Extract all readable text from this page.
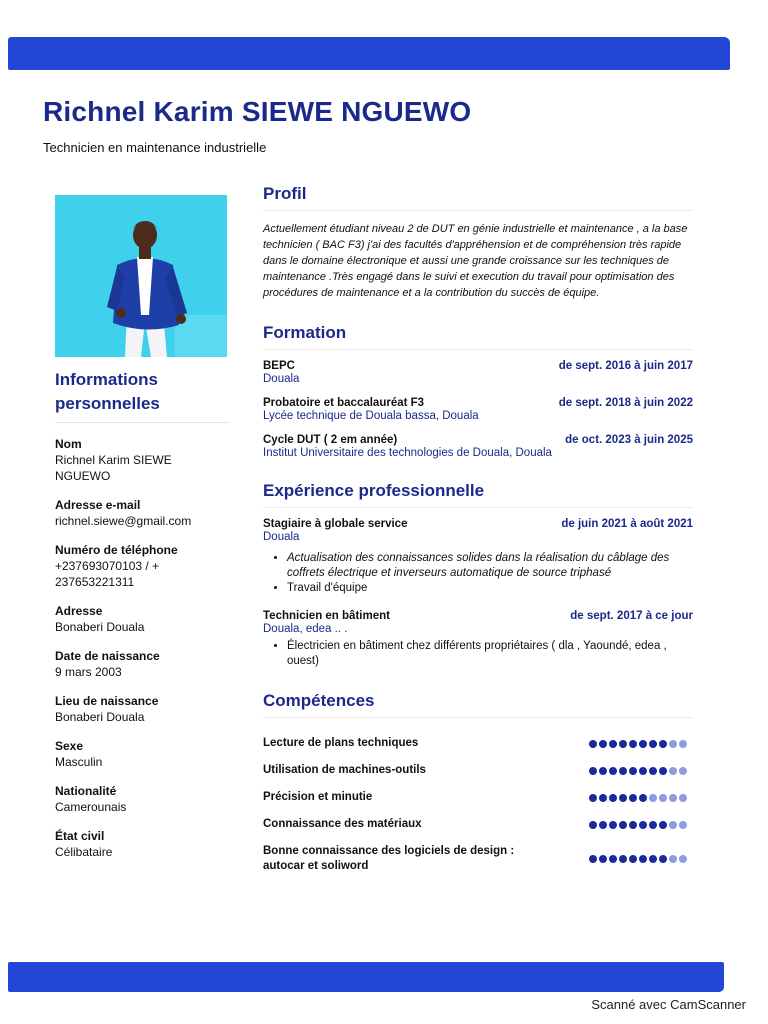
Richnel Karim SIEWE NGUEWO
Technicien en maintenance industrielle
Informations personnelles
Nom
Richnel Karim SIEWE NGUEWO
Adresse e-mail
richnel.siewe@gmail.com
Numéro de téléphone
+237693070103 / + 237653221311
Adresse
Bonaberi Douala
Date de naissance
9 mars 2003
Lieu de naissance
Bonaberi Douala
Sexe
Masculin
Nationalité
Camerounais
État civil
Célibataire
Profil
Actuellement étudiant niveau 2 de DUT en génie industrielle et maintenance , a la base technicien ( BAC F3) j'ai des facultés d'appréhension et de compréhension très rapide dans le domaine électronique et aussi une grande croissance sur les techniques de maintenance .Très engagé dans le suivi et execution du travail pour optimisation des procédures de maintenance et a la contribution du succès de équipe.
Formation
BEPC	de sept. 2016 à juin 2017
Douala
Probatoire et baccalauréat F3	de sept. 2018 à juin 2022
Lycée technique de Douala bassa, Douala
Cycle DUT ( 2 em année)	de oct. 2023 à juin 2025
Institut Universitaire des technologies de Douala, Douala
Expérience professionnelle
Stagiaire à globale service	de juin 2021 à août 2021
Douala
• Actualisation des connaissances solides dans la réalisation du câblage des coffrets électrique et inverseurs automatique de source triphasé
• Travail d'équipe
Technicien en bâtiment	de sept. 2017 à ce jour
Douala, edea .. .
• Électricien en bâtiment chez différents propriétaires ( dla , Yaoundé, edea , ouest)
Compétences
Lecture de plans techniques
Utilisation de machines-outils
Précision et minutie
Connaissance des matériaux
Bonne connaissance des logiciels de design : autocar et soliword
Scanné avec CamScanner
